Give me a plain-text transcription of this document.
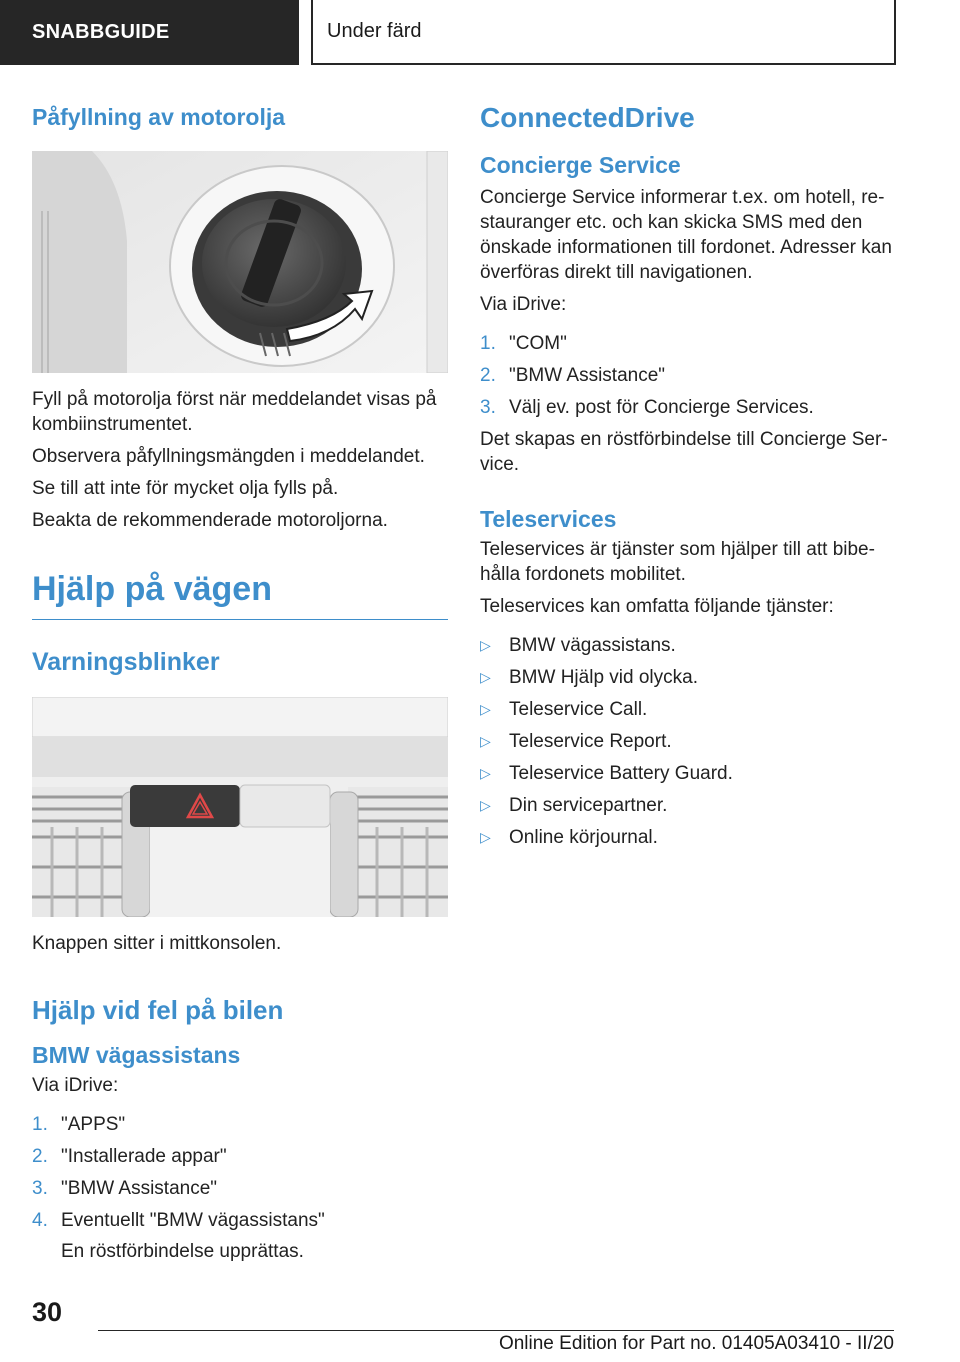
SNABBGUIDE	Under färd
Påfyllning av motorolja

Fyll på motorolja först när meddelandet visas på kombiinstrumentet.

Observera påfyllningsmängden i meddelandet.

Se till att inte för mycket olja fylls på.

Beakta de rekommenderade motoroljorna.

Hjälp på vägen
Varningsblinker

Knappen sitter i mittkonsolen.

Hjälp vid fel på bilen
BMW vägassistans

Via iDrive:

1. "APPS"
2. "Installerade appar"
3. "BMW Assistance"
4. Eventuellt "BMW vägassistans"
En röstförbindelse upprättas.
ConnectedDrive
Concierge Service

Concierge Service informerar t.ex. om hotell, restauranger etc. och kan skicka SMS med den önskade informationen till fordonet. Adresser kan överföras direkt till navigationen.

Via iDrive:

1. "COM"
2. "BMW Assistance"
3. Välj ev. post för Concierge Services.

Det skapas en röstförbindelse till Concierge Service.

Teleservices

Teleservices är tjänster som hjälper till att bibehålla fordonets mobilitet.

Teleservices kan omfatta följande tjänster:

▷ BMW vägassistans.
▷ BMW Hjälp vid olycka.
▷ Teleservice Call.
▷ Teleservice Report.
▷ Teleservice Battery Guard.
▷ Din servicepartner.
▷ Online körjournal.
30
Online Edition for Part no. 01405A03410 - II/20
